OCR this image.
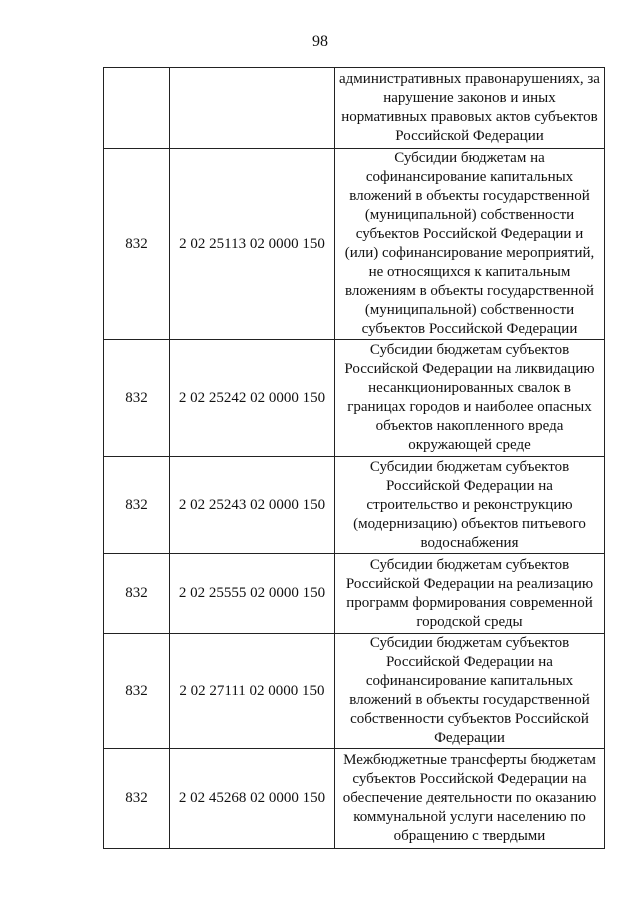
98
		административных правонарушениях, за нарушение законов и иных нормативных правовых актов субъектов Российской Федерации
832	2 02 25113 02 0000 150	Субсидии бюджетам на софинансирование капитальных вложений в объекты государственной (муниципальной) собственности субъектов Российской Федерации и (или) софинансирование мероприятий, не относящихся к капитальным вложениям в объекты государственной (муниципальной) собственности субъектов Российской Федерации
832	2 02 25242 02 0000 150	Субсидии бюджетам субъектов Российской Федерации на ликвидацию несанкционированных свалок в границах городов и наиболее опасных объектов накопленного вреда окружающей среде
832	2 02 25243 02 0000 150	Субсидии бюджетам субъектов Российской Федерации на строительство и реконструкцию (модернизацию) объектов питьевого водоснабжения
832	2 02 25555 02 0000 150	Субсидии бюджетам субъектов Российской Федерации на реализацию программ формирования современной городской среды
832	2 02 27111 02 0000 150	Субсидии бюджетам субъектов Российской Федерации на софинансирование капитальных вложений в объекты государственной собственности субъектов Российской Федерации
832	2 02 45268 02 0000 150	Межбюджетные трансферты бюджетам субъектов Российской Федерации на обеспечение деятельности по оказанию коммунальной услуги населению по обращению с твердыми
